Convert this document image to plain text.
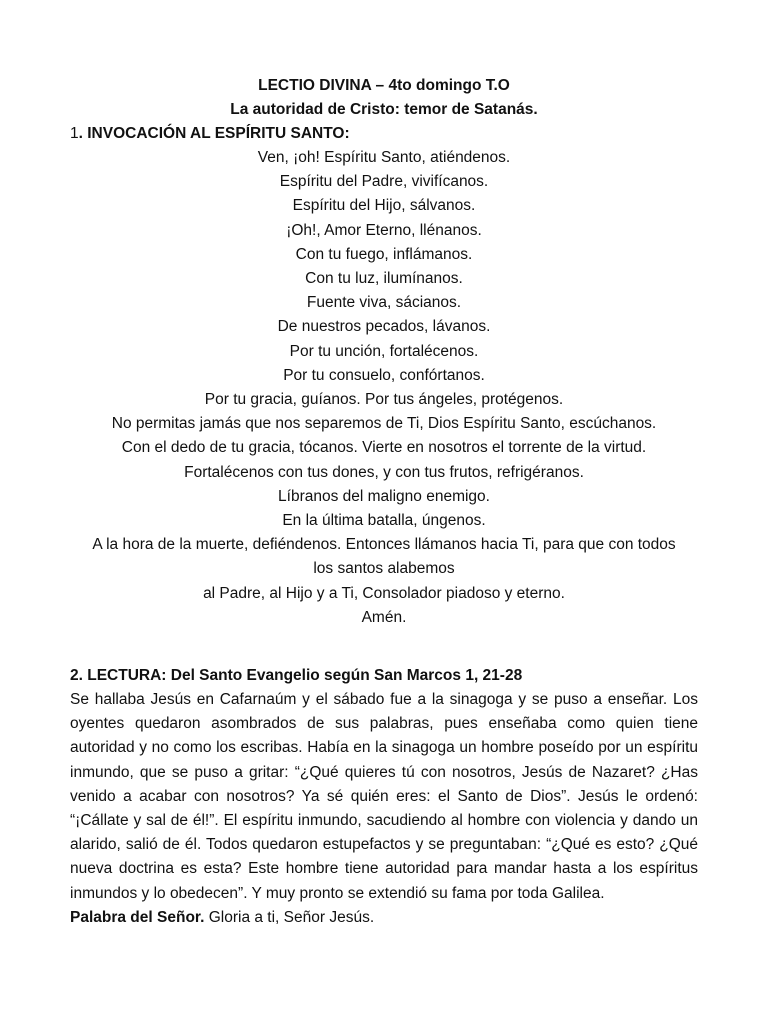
LECTIO DIVINA – 4to domingo T.O

La autoridad de Cristo: temor de Satanás.

1. INVOCACIÓN AL ESPÍRITU SANTO:

Ven, ¡oh! Espíritu Santo, atiéndenos.
Espíritu del Padre, vivifícanos.
Espíritu del Hijo, sálvanos.
¡Oh!, Amor Eterno, llénanos.
Con tu fuego, inflámanos.
Con tu luz, ilumínanos.
Fuente viva, sácianos.
De nuestros pecados, lávanos.
Por tu unción, fortalécenos.
Por tu consuelo, confórtanos.
Por tu gracia, guíanos. Por tus ángeles, protégenos.
No permitas jamás que nos separemos de Ti, Dios Espíritu Santo, escúchanos.
Con el dedo de tu gracia, tócanos. Vierte en nosotros el torrente de la virtud.
Fortalécenos con tus dones, y con tus frutos, refrigéranos.
Líbranos del maligno enemigo.
En la última batalla, úngenos.
A la hora de la muerte, defiéndenos. Entonces llámanos hacia Ti, para que con todos
los santos alabemos
al Padre, al Hijo y a Ti, Consolador piadoso y eterno.
Amén.

2. LECTURA: Del Santo Evangelio según San Marcos 1, 21-28

Se hallaba Jesús en Cafarnaúm y el sábado fue a la sinagoga y se puso a enseñar. Los oyentes quedaron asombrados de sus palabras, pues enseñaba como quien tiene autoridad y no como los escribas. Había en la sinagoga un hombre poseído por un espíritu inmundo, que se puso a gritar: “¿Qué quieres tú con nosotros, Jesús de Nazaret? ¿Has venido a acabar con nosotros? Ya sé quién eres: el Santo de Dios”. Jesús le ordenó: “¡Cállate y sal de él!”. El espíritu inmundo, sacudiendo al hombre con violencia y dando un alarido, salió de él. Todos quedaron estupefactos y se preguntaban: “¿Qué es esto? ¿Qué nueva doctrina es esta? Este hombre tiene autoridad para mandar hasta a los espíritus inmundos y lo obedecen”. Y muy pronto se extendió su fama por toda Galilea.

Palabra del Señor. Gloria a ti, Señor Jesús.
